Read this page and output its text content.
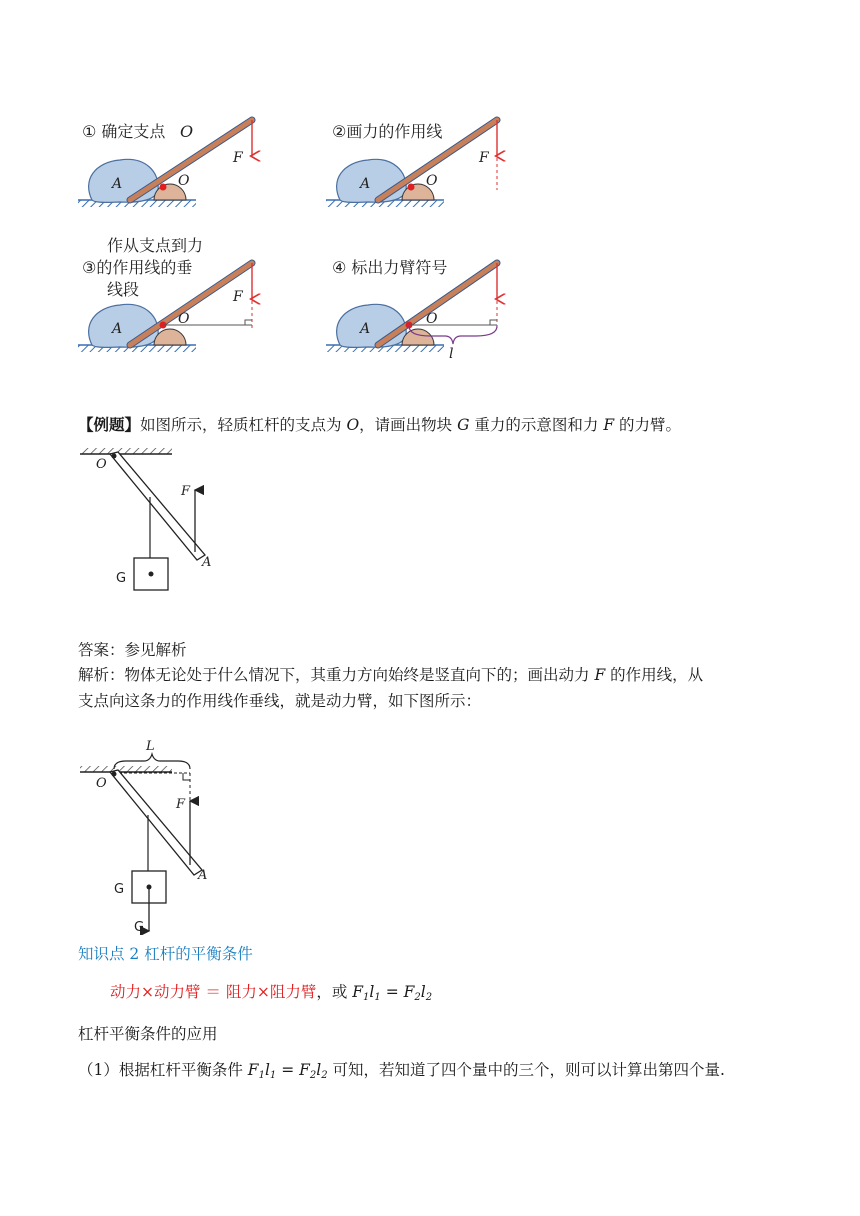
① 确定支点 O
A	O
F
②画力的作用线
A	O
F
作从支点到力
③的作用线的垂
线段
A
O
F
④ 标出力臂符号
A
O
l
【例题】如图所示，轻质杠杆的支点为 O，请画出物块 G 重力的示意图和力 F 的力臂。
O
G
F
A
答案：参见解析
解析：物体无论处于什么情况下，其重力方向始终是竖直向下的；画出动力 F 的作用线，从
支点向这条力的作用线作垂线，就是动力臂，如下图所示：
L
O
F
A
G
G
知识点 2 杠杆的平衡条件
动力×动力臂 ＝ 阻力×阻力臂，或 $F_1l_1 = F_2l_2$
杠杆平衡条件的应用
（1）根据杠杆平衡条件 $F_1l_1 = F_2l_2$ 可知，若知道了四个量中的三个，则可以计算出第四个量.
